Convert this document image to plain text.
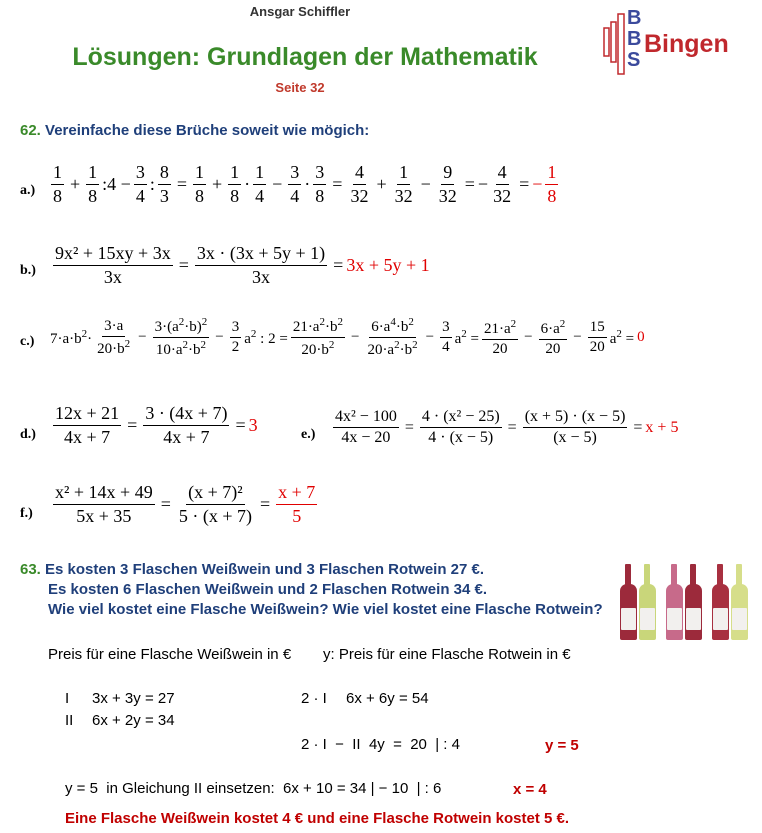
Ansgar Schiffler
Lösungen: Grundlagen der Mathematik
Seite 32
B
B
S
Bingen
62. Vereinfache diese Brüche soweit wie mögich:
a.)
1
8
+ $\frac{1}{8}$ :4 − $\frac{3}{4}$ : $\frac{8}{3} = \frac{1}{8} + \frac{1}{8}$ ·
1
4
− $\frac{3}{4} \cdot \frac{3}{8} = \frac{4}{32} + \frac{1}{32} - \frac{9}{32}$ = − $\frac{4}{32}$ = − $\frac{1}{8}$
$b.) \frac{\text{9x² + 15xy + 3x}}{3x} = \frac{3x \cdot (3x + 5y + 1)}{3x} = 3x + 5y + 1$
c.) $7\cdot a\cdot b^2\cdot$
3·a
$20\cdot b^2 - \frac{3\cdot(a^2\cdot b)^2}{10\cdot a^2\cdot b^2} - \frac{3}{2} a^2$ : $2 = \frac{21\cdot a^2\cdot b^2}{20\cdot b^2} - \frac{6\cdot a^4\cdot b^2}{20\cdot a^2\cdot b^2} - \frac{3}{4} a^2 = \frac{21\cdot a^2}{20} - \frac{6\cdot a^2}{20} - \frac{15}{20} a^2 = 0$
$d.) \frac{12x + 21}{4x + 7} = \frac{3 \cdot (4x + 7)}{4x + 7} = 3$	$e.) \frac{\text{4x² − 100}}{4x - 20} = \frac{\text{4 · (x² − 25)}}{4 \cdot (x - 5)} = \frac{(x + 5) \cdot (x - 5)}{(x - 5)} = x + 5$
$f.) \frac{\text{x² + 14x + 49}}{5x + 35} = \frac{\text{(x + 7)²}}{5 \cdot (x + 7)} = \frac{x + 7}{5}$
63. Es kosten 3 Flaschen Weißwein und 3 Flaschen Rotwein 27 €.
Es kosten 6 Flaschen Weißwein und 2 Flaschen Rotwein 34 €.
Wie viel kostet eine Flasche Weißwein? Wie viel kostet eine Flasche Rotwein?
Preis für eine Flasche Weißwein in € y: Preis für eine Flasche Rotwein in €
I 3x + 3y = 27
II 6x + 2y = 34
2 · I 6x + 6y = 54
2 · I  −  II  4y  =  20  | : 4	y = 5
y = 5  in Gleichung II einsetzen:  6x + 10 = 34 | − 10  | : 6	x = 4
Eine Flasche Weißwein kostet 4 € und eine Flasche Rotwein kostet 5 €.
